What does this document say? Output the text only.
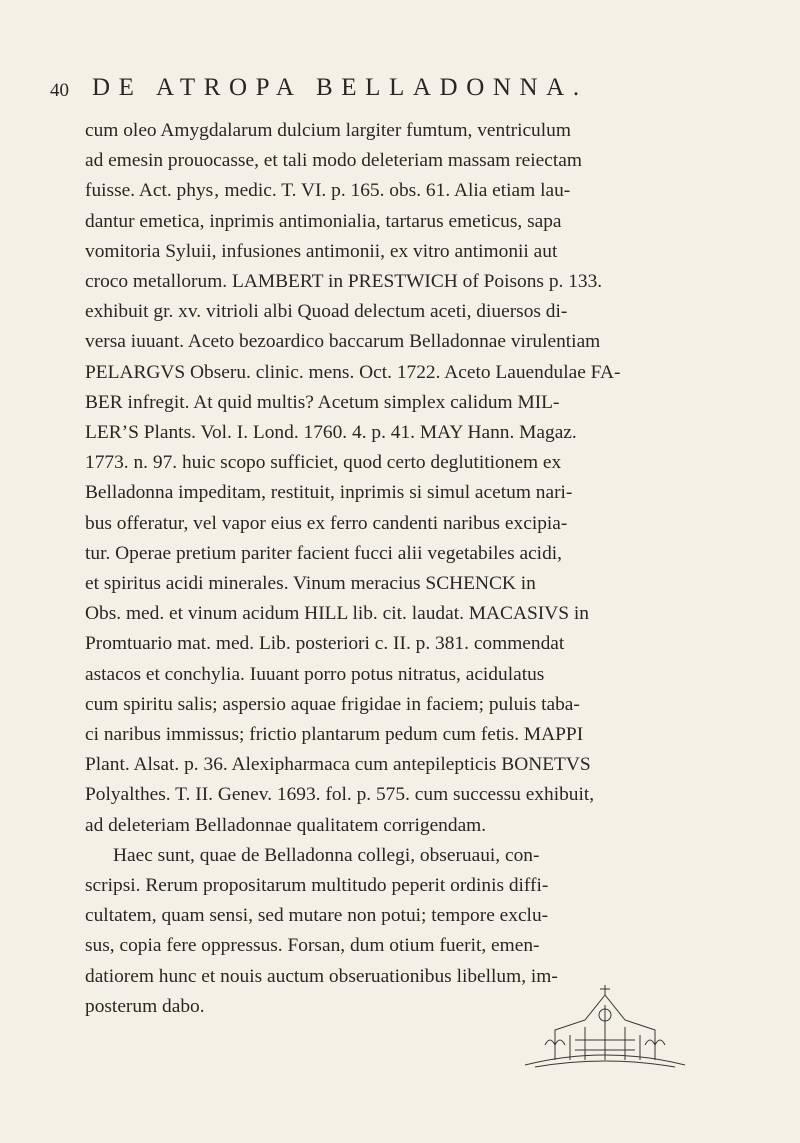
40 DE ATROPA BELLADONNA.
cum oleo Amygdalarum dulcium largiter fumtum, ventriculum
ad emesin prouocasse, et tali modo deleteriam massam reiectam
fuisse. Act. phys‚ medic. T. VI. p. 165. obs. 61. Alia etiam lau-
dantur emetica, inprimis antimonialia, tartarus emeticus, sapa
vomitoria Syluii, infusiones antimonii, ex vitro antimonii aut
croco metallorum. LAMBERT in PRESTWICH of Poisons p. 133.
exhibuit gr. xv. vitrioli albi Quoad delectum aceti, diuersos di-
versa iuuant. Aceto bezoardico baccarum Belladonnae virulentiam
PELARGVS Obseru. clinic. mens. Oct. 1722. Aceto Lauendulae FA-
BER infregit. At quid multis? Acetum simplex calidum MIL-
LER’S Plants. Vol. I. Lond. 1760. 4. p. 41. MAY Hann. Magaz.
1773. n. 97. huic scopo sufficiet, quod certo deglutitionem ex
Belladonna impeditam, restituit, inprimis si simul acetum nari-
bus offeratur, vel vapor eius ex ferro candenti naribus excipia-
tur. Operae pretium pariter facient fucci alii vegetabiles acidi,
et spiritus acidi minerales. Vinum meracius SCHENCK in
Obs. med. et vinum acidum HILL lib. cit. laudat. MACASIVS in
Promtuario mat. med. Lib. posteriori c. II. p. 381. commendat
astacos et conchylia. Iuuant porro potus nitratus, acidulatus
cum spiritu salis; aspersio aquae frigidae in faciem; puluis taba-
ci naribus immissus; frictio plantarum pedum cum fetis. MAPPI
Plant. Alsat. p. 36. Alexipharmaca cum antepilepticis BONETVS
Polyalthes. T. II. Genev. 1693. fol. p. 575. cum successu exhibuit,
ad deleteriam Belladonnae qualitatem corrigendam.
Haec sunt, quae de Belladonna collegi, obseruaui, con-
scripsi. Rerum propositarum multitudo peperit ordinis diffi-
cultatem, quam sensi, sed mutare non potui; tempore exclu-
sus, copia fere oppressus. Forsan, dum otium fuerit, emen-
datiorem hunc et nouis auctum obseruationibus libellum, im-
posterum dabo.
